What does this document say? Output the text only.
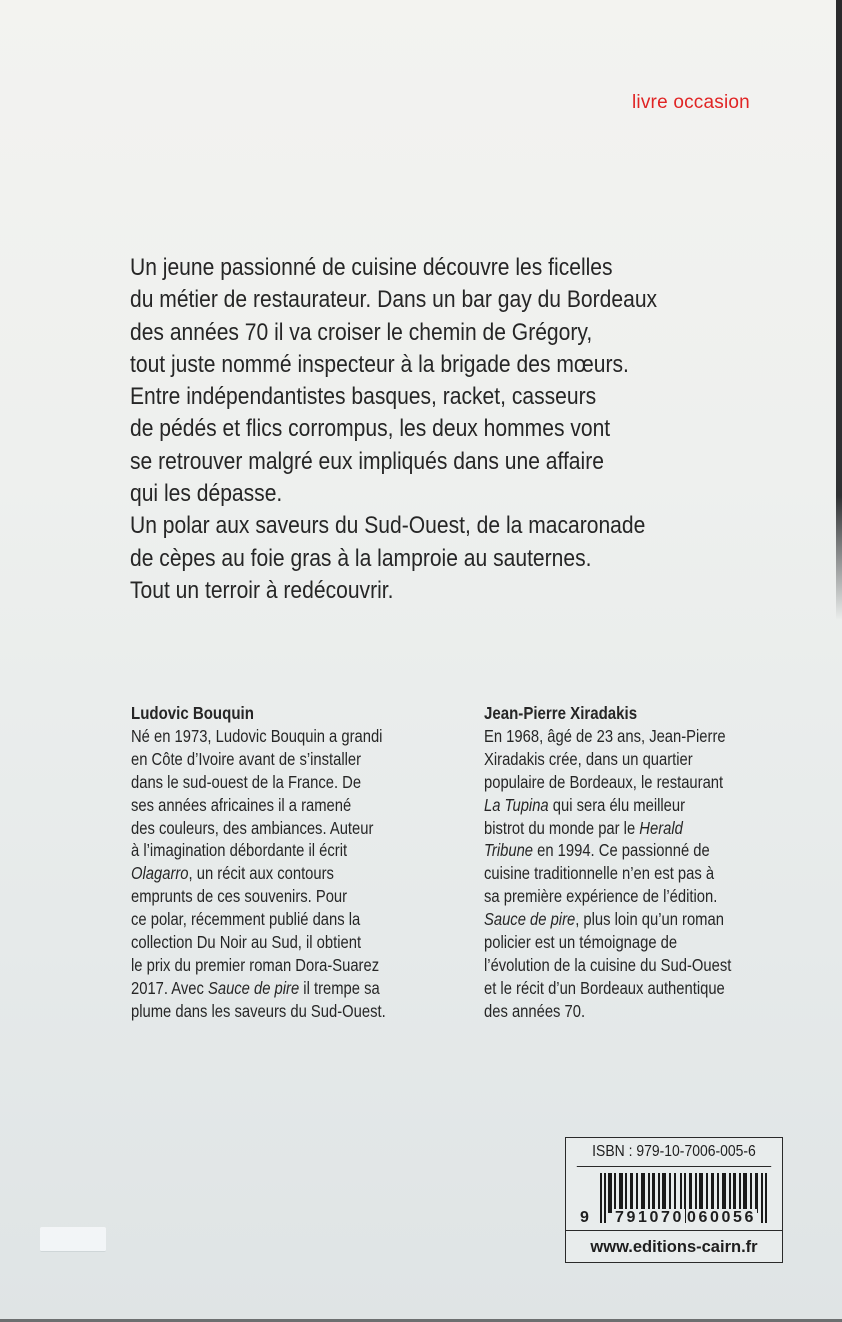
livre occasion

Un jeune passionné de cuisine découvre les ficelles

du métier de restaurateur. Dans un bar gay du Bordeaux

des années 70 il va croiser le chemin de Grégory,

tout juste nommé inspecteur à la brigade des mœurs.

Entre indépendantistes basques, racket, casseurs

de pédés et flics corrompus, les deux hommes vont

se retrouver malgré eux impliqués dans une affaire

qui les dépasse.

Un polar aux saveurs du Sud-Ouest, de la macaronade

de cèpes au foie gras à la lamproie au sauternes.

Tout un terroir à redécouvrir.

Ludovic Bouquin
Né en 1973, Ludovic Bouquin a grandi
en Côte d’Ivoire avant de s’installer
dans le sud-ouest de la France. De
ses années africaines il a ramené
des couleurs, des ambiances. Auteur
à l’imagination débordante il écrit
Olagarro, un récit aux contours
emprunts de ces souvenirs. Pour
ce polar, récemment publié dans la
collection Du Noir au Sud, il obtient
le prix du premier roman Dora-Suarez
2017. Avec Sauce de pire il trempe sa
plume dans les saveurs du Sud-Ouest.
Jean-Pierre Xiradakis
En 1968, âgé de 23 ans, Jean-Pierre
Xiradakis crée, dans un quartier
populaire de Bordeaux, le restaurant
La Tupina qui sera élu meilleur
bistrot du monde par le Herald
Tribune en 1994. Ce passionné de
cuisine traditionnelle n’en est pas à
sa première expérience de l’édition.
Sauce de pire, plus loin qu’un roman
policier est un témoignage de
l’évolution de la cuisine du Sud-Ouest
et le récit d’un Bordeaux authentique
des années 70.
ISBN : 979-10-7006-005-6
9 791070 060056
www.editions-cairn.fr
